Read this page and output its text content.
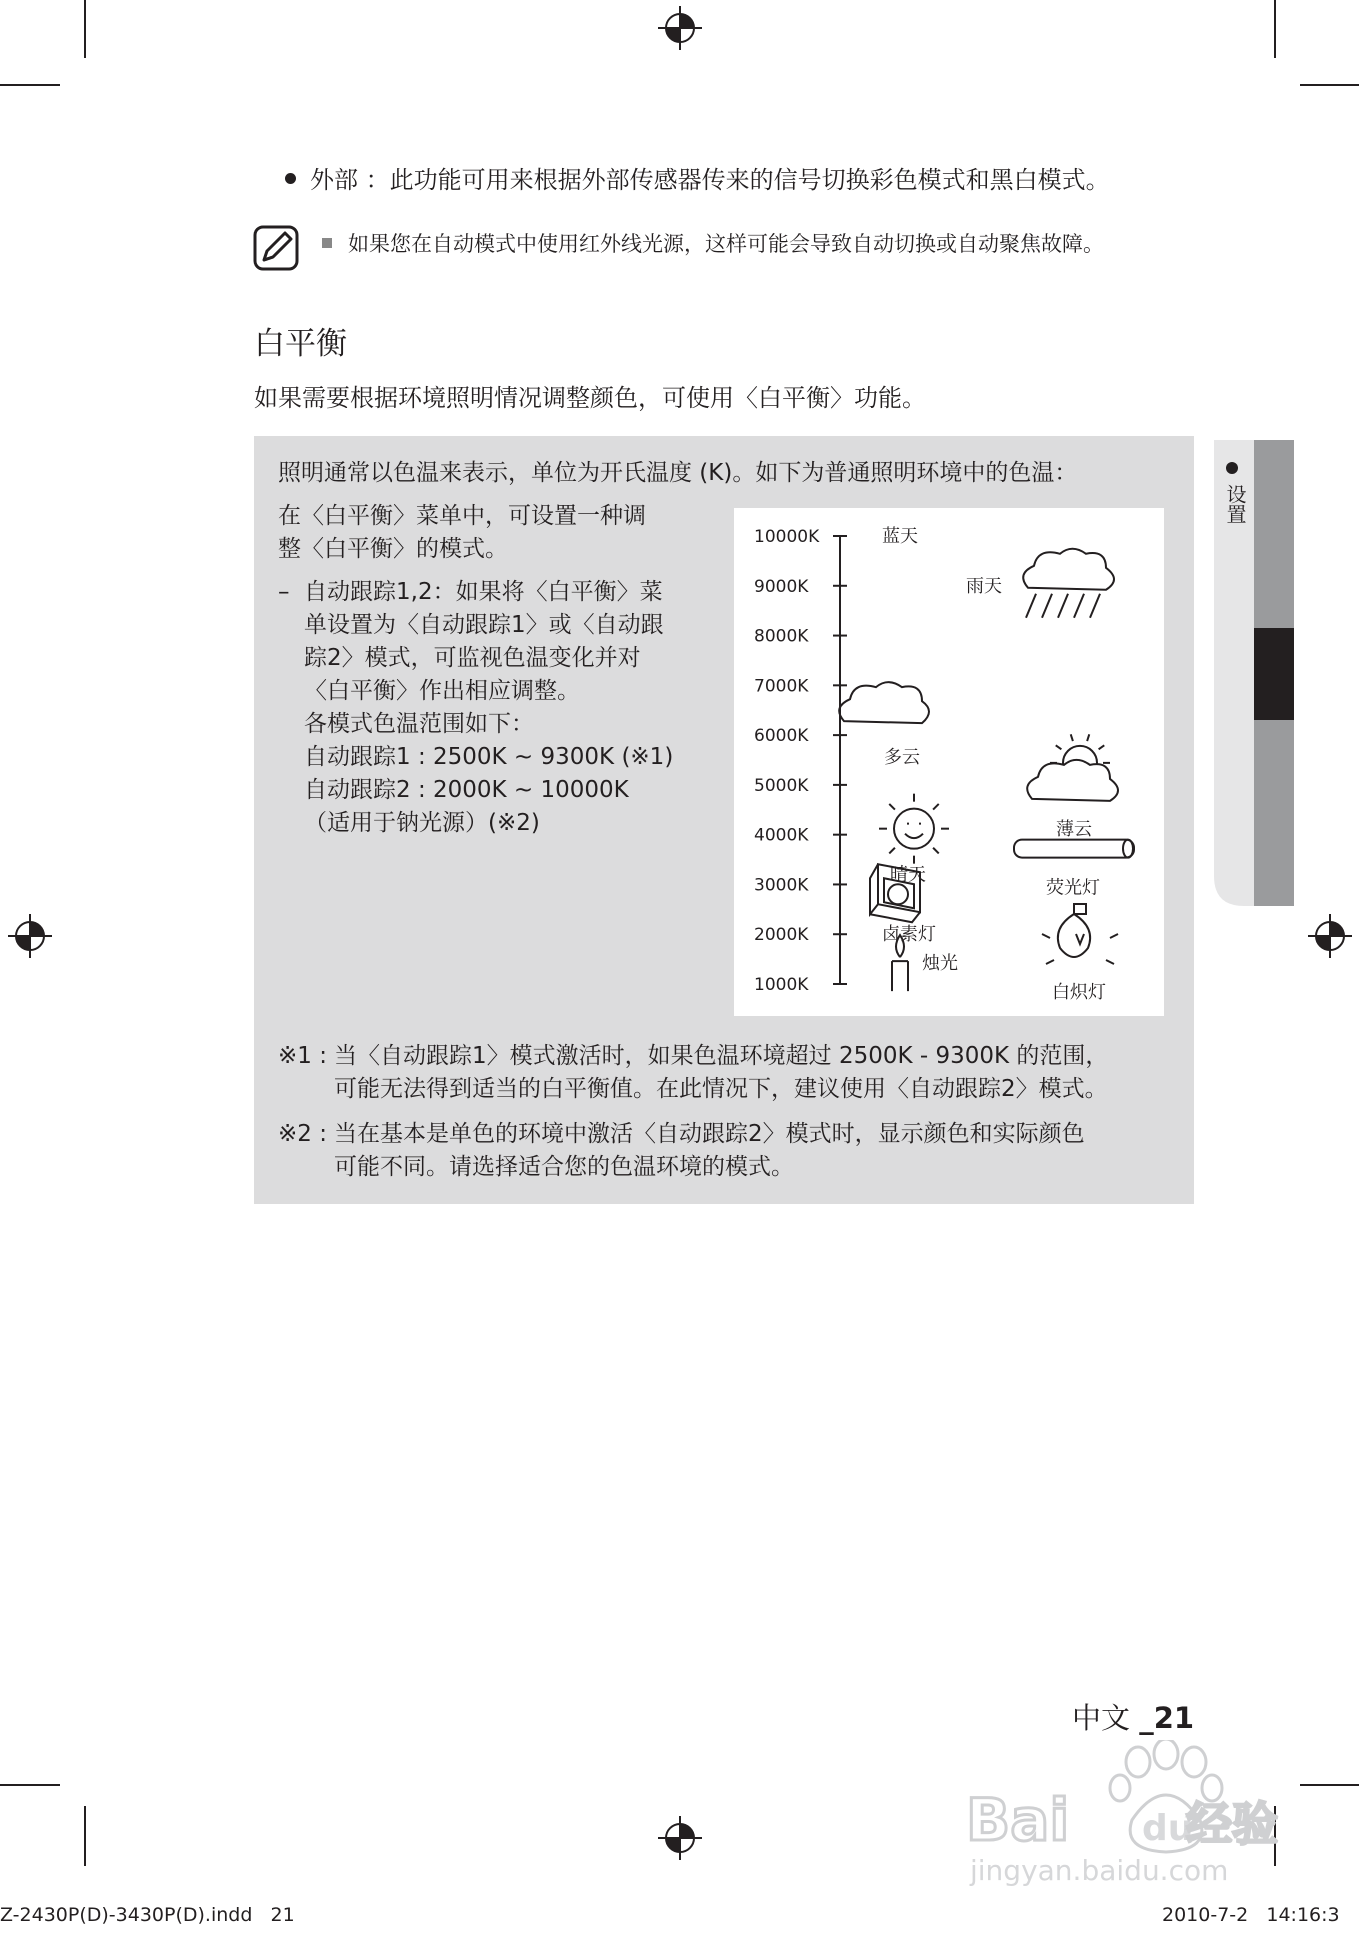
外部 ：此功能可用来根据外部传感器传来的信号切换彩色模式和黑白模式。
如果您在自动模式中使用红外线光源，这样可能会导致自动切换或自动聚焦故障。
白平衡
如果需要根据环境照明情况调整颜色，可使用〈白平衡〉功能。
照明通常以色温来表示，单位为开氏温度 (K)。如下为普通照明环境中的色温：

在〈白平衡〉菜单中，可设置一种调

整〈白平衡〉的模式。

– 自动跟踪1,2：如果将〈白平衡〉菜

单设置为〈自动跟踪1〉或〈自动跟

踪2〉模式，可监视色温变化并对

〈白平衡〉作出相应调整。

各模式色温范围如下：

自动跟踪1 : 2500K ~ 9300K (※1)

自动跟踪2 : 2000K ~ 10000K

（适用于钠光源）(※2)

10000K
9000K
8000K
7000K
6000K
5000K
4000K
3000K
2000K
1000K
蓝天
雨天
多云
薄云
晴天
荧光灯
卤素灯
烛光
白炽灯
※1 : 当〈自动跟踪1〉模式激活时，如果色温环境超过 2500K - 9300K 的范围，
可能无法得到适当的白平衡值。在此情况下，建议使用〈自动跟踪2〉模式。
※2 : 当在基本是单色的环境中激活〈自动跟踪2〉模式时，显示颜色和实际颜色
可能不同。请选择适合您的色温环境的模式。
设置
中文 _21
Bai du
经验
jingyan.baidu.com
Z-2430P(D)-3430P(D).indd   21	2010-7-2   14:16:3
